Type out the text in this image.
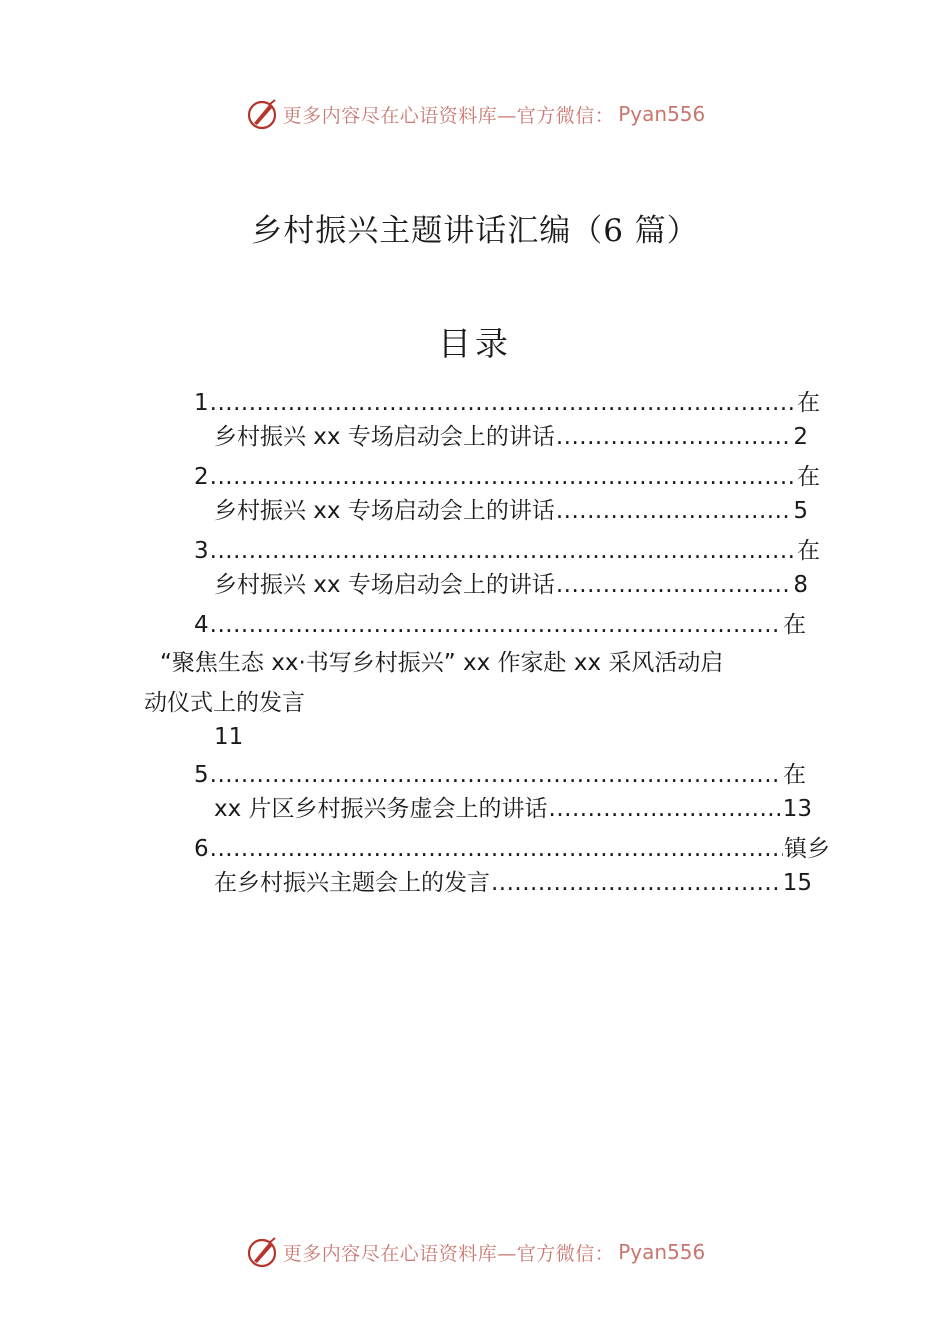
更多内容尽在心语资料库—官方微信： Pyan556
乡村振兴主题讲话汇编（6 篇）
目录
1 .....	在
乡村振兴 xx 专场启动会上的讲话 .....	2
2 .....	在
乡村振兴 xx 专场启动会上的讲话 .....	5
3 .....	在
乡村振兴 xx 专场启动会上的讲话 .....	8
4 .....	在
“聚焦生态 xx·书写乡村振兴” xx 作家赴 xx 采风活动启
动仪式上的发言
11
5 .....	在
xx 片区乡村振兴务虚会上的讲话 .....	13
6 .....	镇乡
在乡村振兴主题会上的发言 .....	15
更多内容尽在心语资料库—官方微信： Pyan556
